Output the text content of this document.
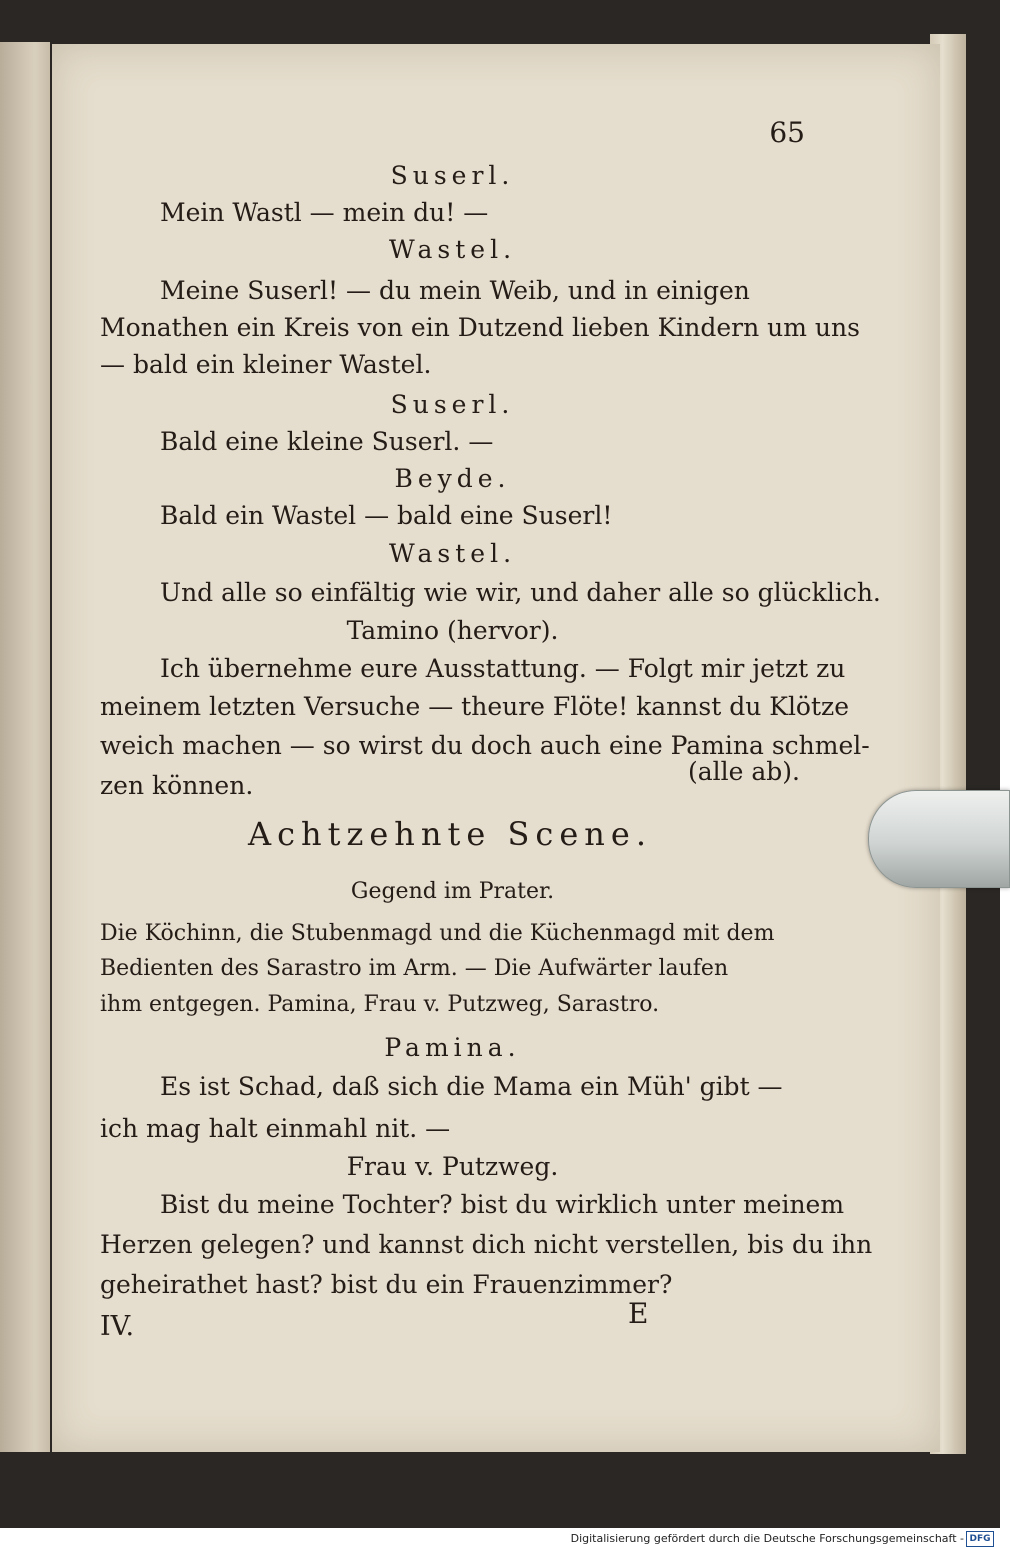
65
Suserl.
Mein Wastl — mein du! —
Wastel.
Meine Suserl! — du mein Weib, und in einigen
Monathen ein Kreis von ein Dutzend lieben Kindern um uns
— bald ein kleiner Wastel.
Suserl.
Bald eine kleine Suserl. —
Beyde.
Bald ein Wastel — bald eine Suserl!
Wastel.
Und alle so einfältig wie wir, und daher alle so glücklich.
Tamino (hervor).
Ich übernehme eure Ausstattung. — Folgt mir jetzt zu
meinem letzten Versuche — theure Flöte! kannst du Klötze
weich machen — so wirst du doch auch eine Pamina schmel-
zen können.	(alle ab).
Achtzehnte Scene.
Gegend im Prater.
Die Köchinn, die Stubenmagd und die Küchenmagd mit dem
Bedienten des Sarastro im Arm. — Die Aufwärter laufen
ihm entgegen. Pamina, Frau v. Putzweg, Sarastro.
Pamina.
Es ist Schad, daß sich die Mama ein Müh' gibt —
ich mag halt einmahl nit. —
Frau v. Putzweg.
Bist du meine Tochter? bist du wirklich unter meinem
Herzen gelegen? und kannst dich nicht verstellen, bis du ihn
geheirathet hast? bist du ein Frauenzimmer?
IV.	E
Digitalisierung gefördert durch die Deutsche Forschungsgemeinschaft - DFG
